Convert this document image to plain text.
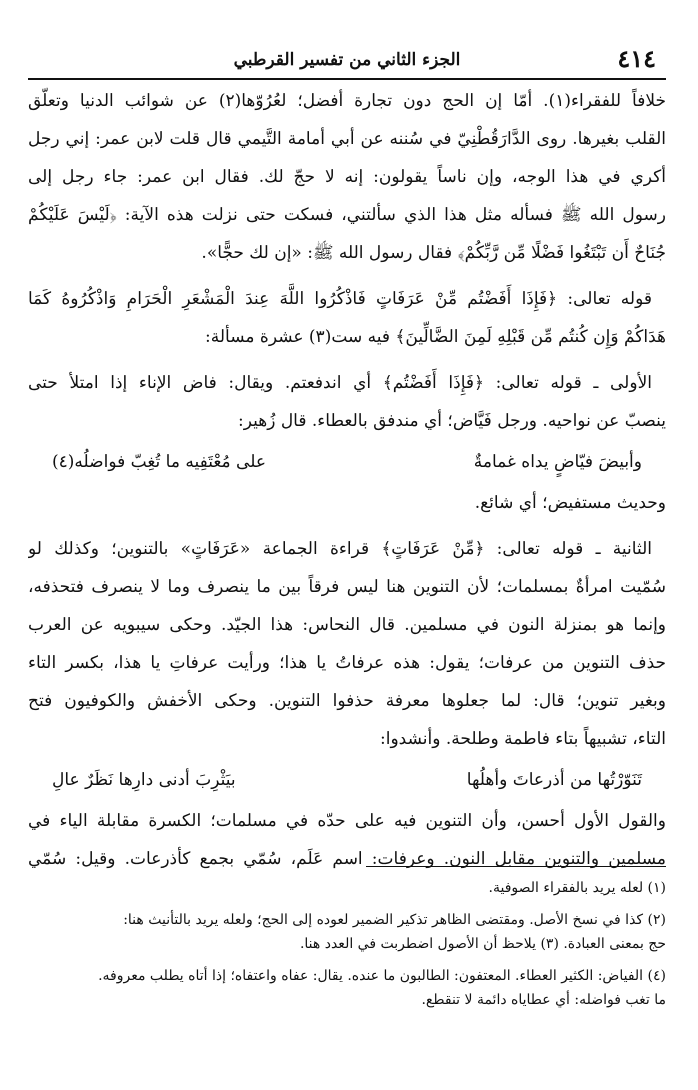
٤١٤
الجزء الثاني من تفسير القرطبي
خلافاً للفقراء(١). أمّا إن الحج دون تجارة أفضل؛ لعُرُوّها(٢) عن شوائب الدنيا وتعلّق
القلب بغيرها. روى الدَّارَقُطْنِيّ في سُننه عن أبي أمامة التَّيمي قال قلت لابن عمر: إني رجل
أكري في هذا الوجه، وإن ناساً يقولون: إنه لا حجّ لك. فقال ابن عمر: جاء رجل إلى
رسول الله ﷺ فسأله مثل هذا الذي سألتني، فسكت حتى نزلت هذه الآية: ﴿لَيْسَ عَلَيْكُمْ
جُنَاحٌ أَن تَبْتَغُوا فَضْلًا مِّن رَّبِّكُمْ﴾ فقال رسول الله ﷺ: «إن لك حجًّا».
قوله تعالى: ﴿فَإِذَا أَفَضْتُم مِّنْ عَرَفَاتٍ فَاذْكُرُوا اللَّهَ عِندَ الْمَشْعَرِ الْحَرَامِ وَاذْكُرُوهُ كَمَا
هَدَاكُمْ وَإِن كُنتُم مِّن قَبْلِهِ لَمِنَ الضَّالِّينَ﴾ فيه ست(٣) عشرة مسألة:
الأولى ـ قوله تعالى: ﴿فَإِذَا أَفَضْتُم﴾ أي اندفعتم. ويقال: فاض الإناء إذا امتلأ حتى
ينصبّ عن نواحيه. ورجل فَيَّاض؛ أي مندفق بالعطاء. قال زُهير:
وأبيضَ فيّاضٍ يداه غمامةٌ
على مُعْتَفِيه ما تُغِبّ فواضلُه(٤)
وحديث مستفيض؛ أي شائع.
الثانية ـ قوله تعالى: ﴿مِّنْ عَرَفَاتٍ﴾ قراءة الجماعة «عَرَفَاتٍ» بالتنوين؛ وكذلك لو
سُمّيت امرأةٌ بمسلمات؛ لأن التنوين هنا ليس فرقاً بين ما ينصرف وما لا ينصرف فتحذفه،
وإنما هو بمنزلة النون في مسلمين. قال النحاس: هذا الجيّد. وحكى سيبويه عن العرب
حذف التنوين من عرفات؛ يقول: هذه عرفاتُ يا هذا؛ ورأيت عرفاتِ يا هذا، بكسر التاء
وبغير تنوين؛ قال: لما جعلوها معرفة حذفوا التنوين. وحكى الأخفش والكوفيون فتح
التاء، تشبيهاً بتاء فاطمة وطلحة. وأنشدوا:
تَنَوّرْتُها من أذرعاتَ وأهلُها
بيَثْرِبَ أدنى دارِها نَظَرٌ عالِ
والقول الأول أحسن، وأن التنوين فيه على حدّه في مسلمات؛ الكسرة مقابلة الياء في
مسلمين والتنوين مقابل النون. وعرفات: اسم عَلَم، سُمّي بجمع كأذرعات. وقيل: سُمّي
(١) لعله يريد بالفقراء الصوفية.
(٢) كذا في نسخ الأصل. ومقتضى الظاهر تذكير الضمير لعوده إلى الحج؛ ولعله يريد بالتأنيث هنا:
حج بمعنى العبادة. (٣) يلاحظ أن الأصول اضطربت في العدد هنا.
(٤) الفياض: الكثير العطاء. المعتفون: الطالبون ما عنده. يقال: عفاه واعتفاه؛ إذا أتاه يطلب معروفه.
ما تغب فواضله: أي عطاياه دائمة لا تنقطع.
